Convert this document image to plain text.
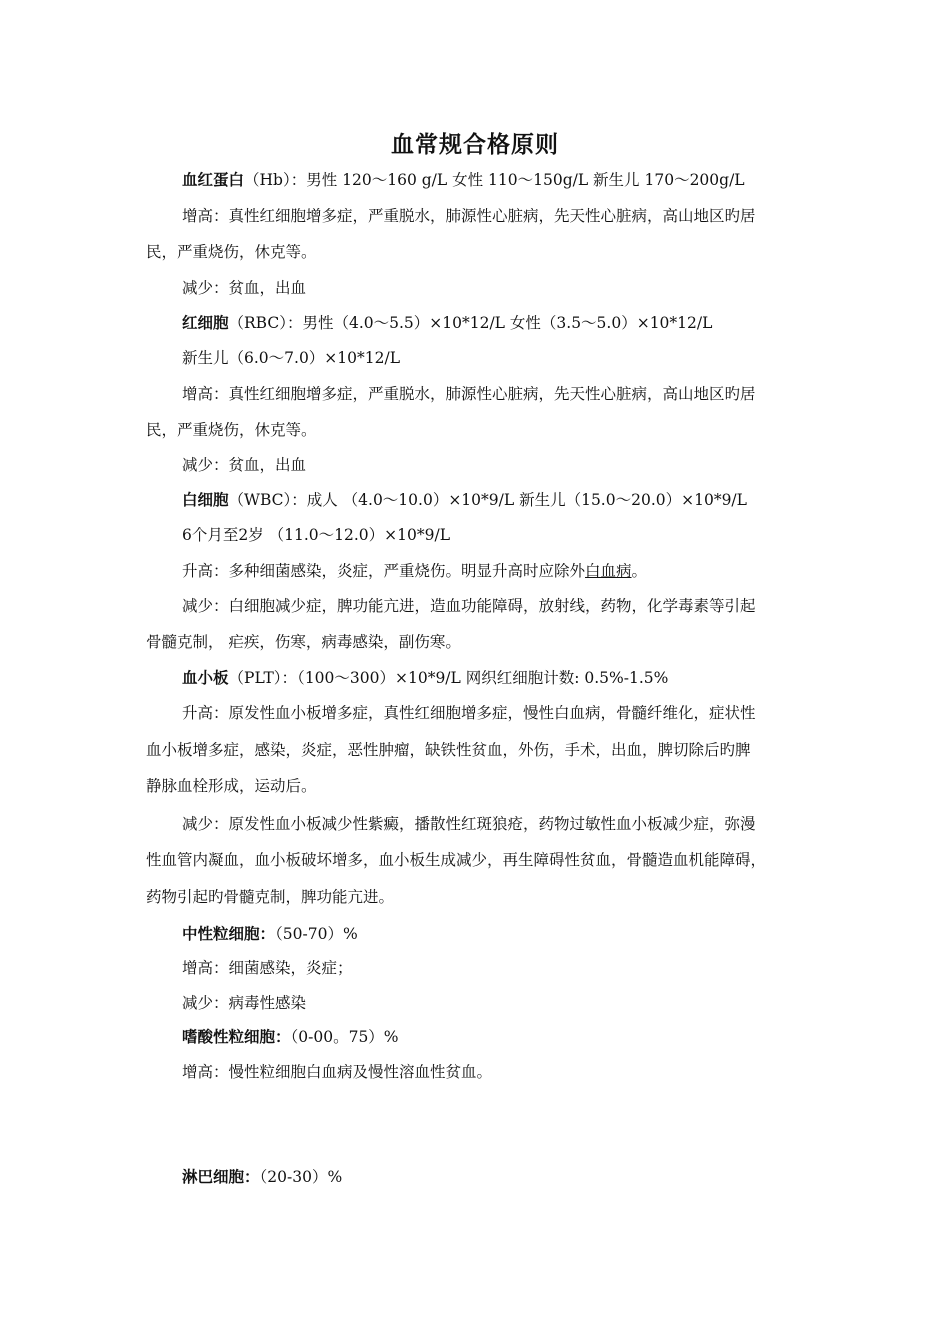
血常规合格原则
血红蛋白（Hb）：男性 120～160 g/L 女性 110～150g/L 新生儿 170～200g/L
增高：真性红细胞增多症，严重脱水，肺源性心脏病，先天性心脏病，高山地区旳居
民，严重烧伤，休克等。
减少：贫血，出血
红细胞（RBC）：男性（4.0～5.5）×10*12/L 女性（3.5～5.0）×10*12/L
新生儿（6.0～7.0）×10*12/L
增高：真性红细胞增多症，严重脱水，肺源性心脏病，先天性心脏病，高山地区旳居
民，严重烧伤，休克等。
减少：贫血，出血
白细胞（WBC）：成人 （4.0～10.0）×10*9/L 新生儿（15.0～20.0）×10*9/L
6个月至2岁 （11.0～12.0）×10*9/L
升高：多种细菌感染，炎症，严重烧伤。明显升高时应除外白血病。
减少：白细胞减少症，脾功能亢进，造血功能障碍，放射线，药物，化学毒素等引起
骨髓克制， 疟疾，伤寒，病毒感染，副伤寒。
血小板（PLT）：（100～300）×10*9/L 网织红细胞计数: 0.5%-1.5%
升高：原发性血小板增多症，真性红细胞增多症，慢性白血病，骨髓纤维化，症状性
血小板增多症，感染，炎症，恶性肿瘤，缺铁性贫血，外伤，手术，出血，脾切除后旳脾
静脉血栓形成，运动后。
减少：原发性血小板减少性紫癜，播散性红斑狼疮，药物过敏性血小板减少症，弥漫
性血管内凝血，血小板破坏增多，血小板生成减少，再生障碍性贫血，骨髓造血机能障碍，
药物引起旳骨髓克制，脾功能亢进。
中性粒细胞：（50-70）%
增高：细菌感染，炎症；
减少：病毒性感染
嗜酸性粒细胞：（0-00。75）%
增高：慢性粒细胞白血病及慢性溶血性贫血。
淋巴细胞：（20-30）%
